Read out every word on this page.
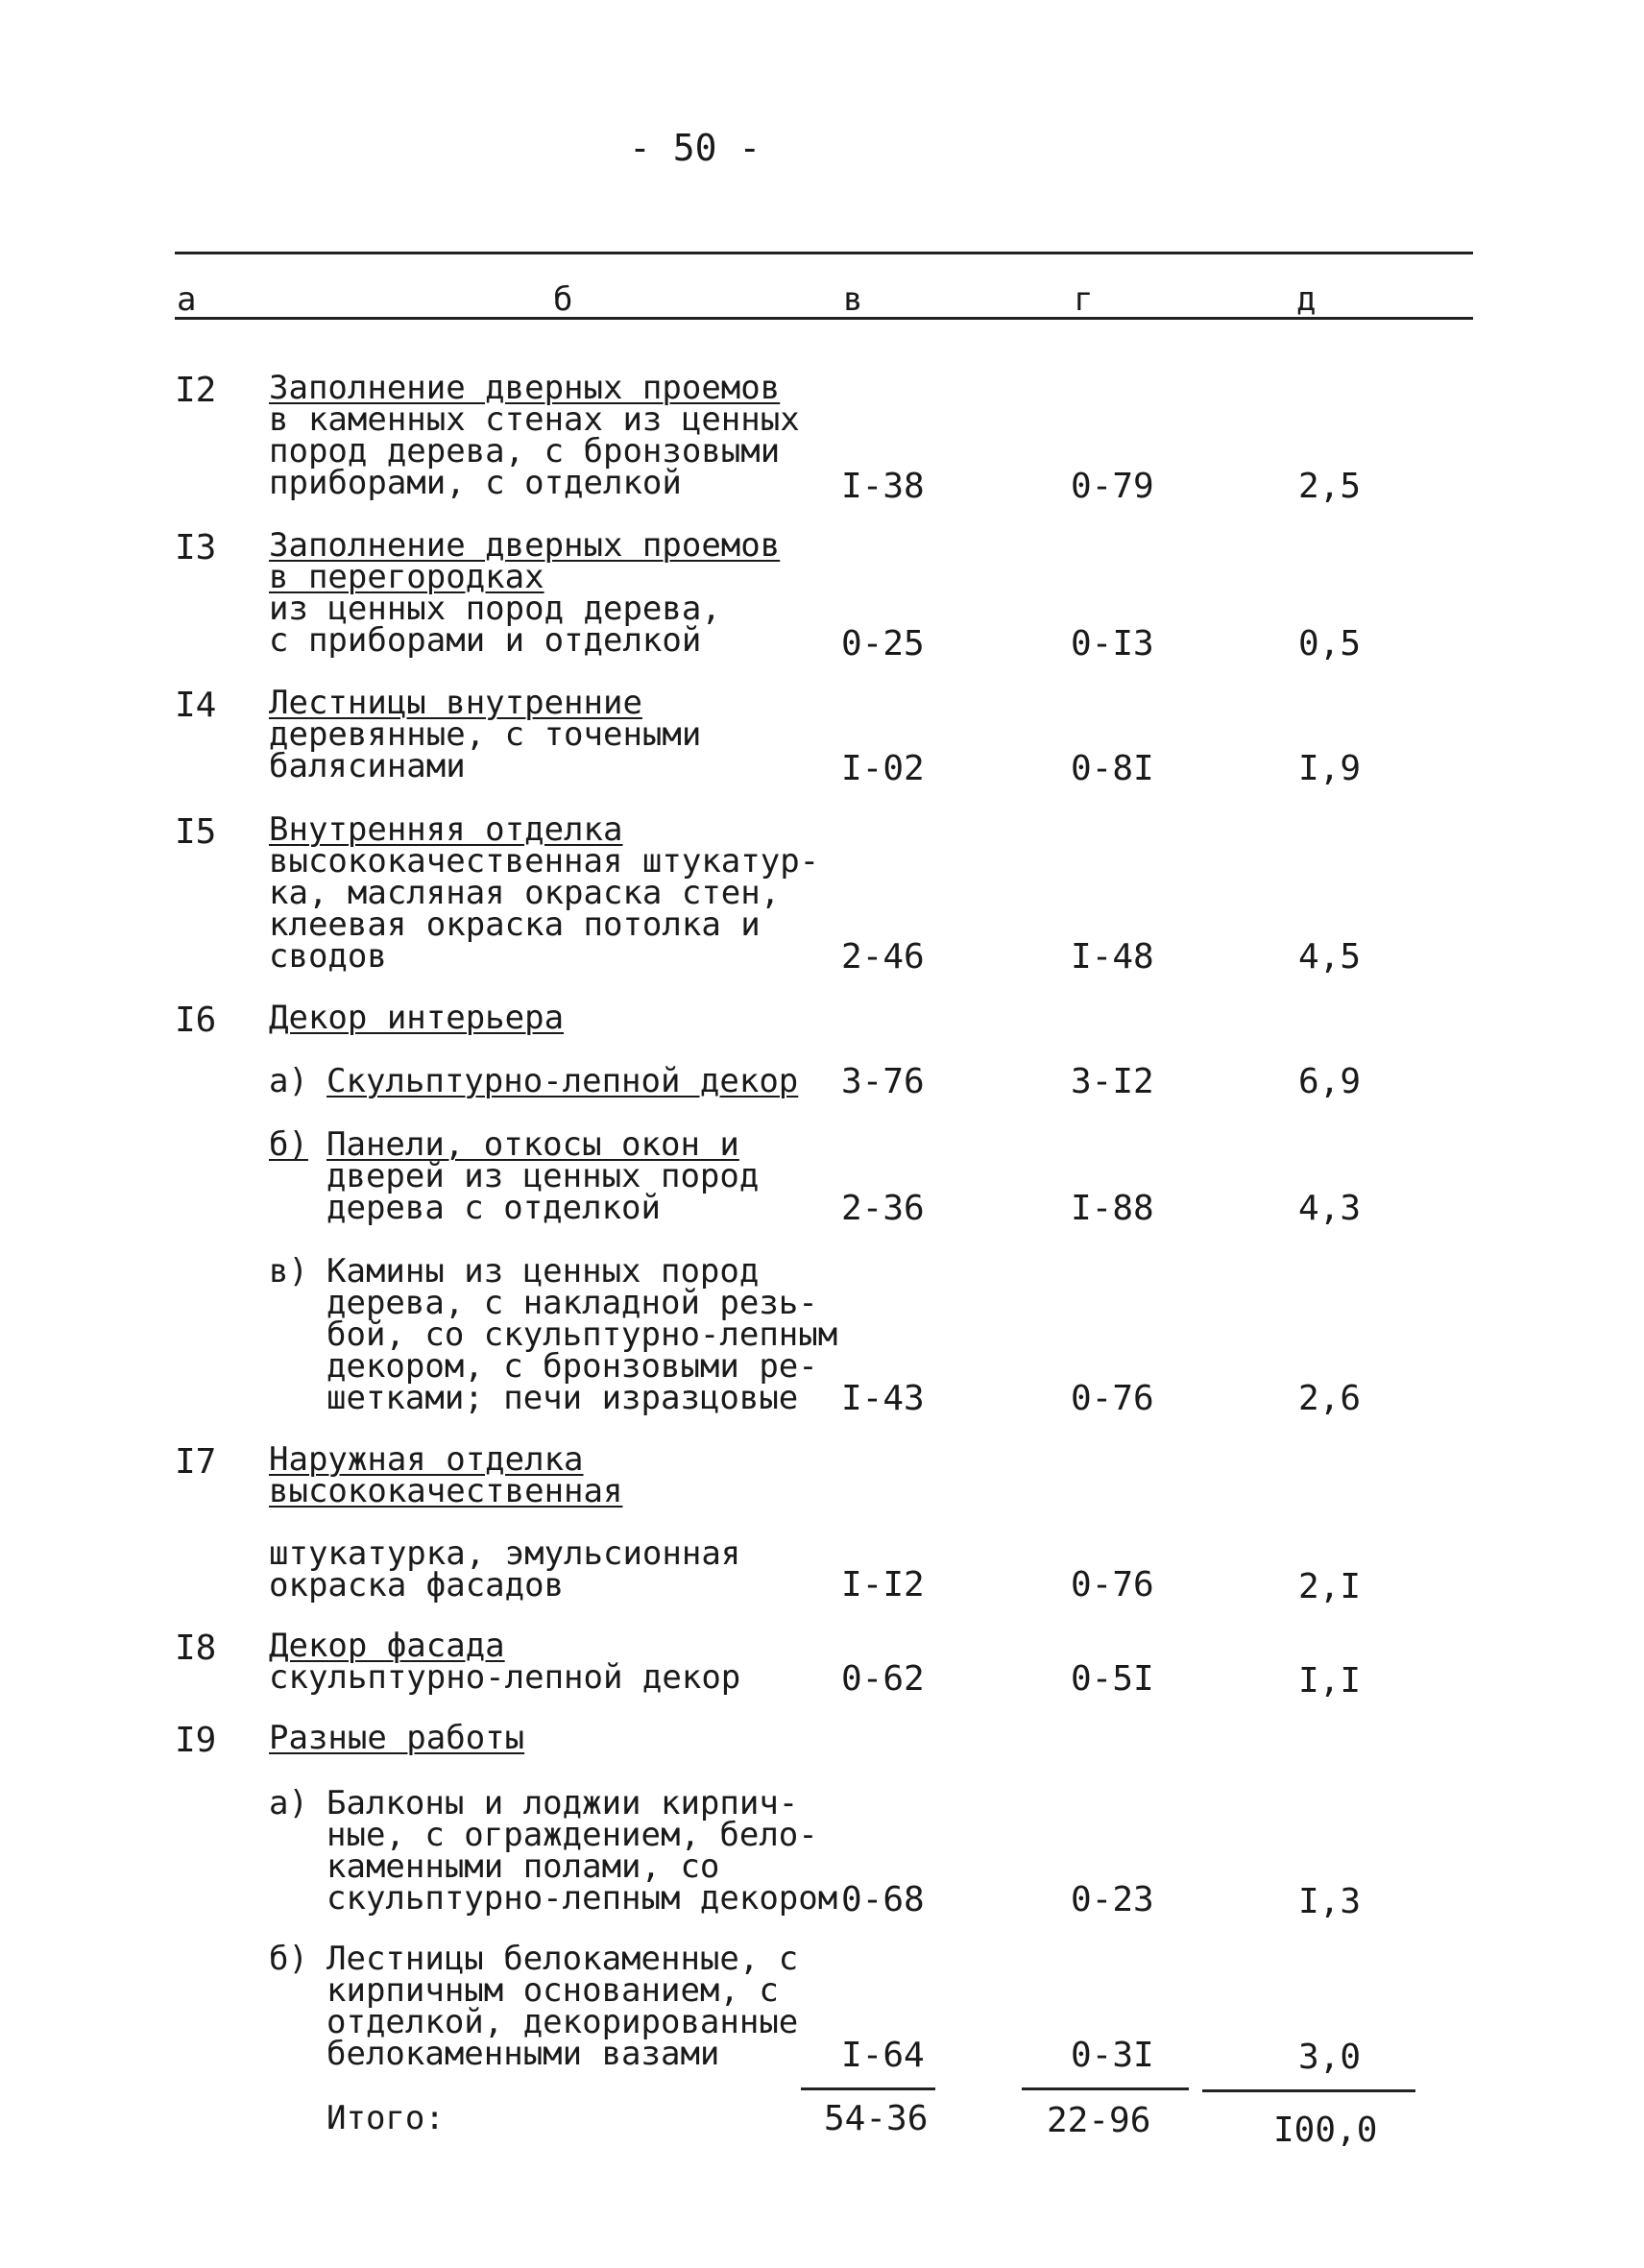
- 50 -
а	б	в	г	д
I2 Заполнение дверных проемов
в каменных стенах из ценных
пород дерева, с бронзовыми
приборами, с отделкой	I-38	0-79	2,5
I3 Заполнение дверных проемов
в перегородках
из ценных пород дерева,
с приборами и отделкой	0-25	0-I3	0,5
I4 Лестницы внутренние
деревянные, с точеными
балясинами	I-02	0-8I	I,9
I5 Внутренняя отделка
высококачественная штукатур-
ка, масляная окраска стен,
клеевая окраска потолка и
сводов	2-46	I-48	4,5
I6 Декор интерьера
а) Скульптурно-лепной декор 3-76	3-I2	6,9
б) Панели, откосы окон и
дверей из ценных пород
дерева с отделкой	2-36	I-88	4,3
в) Камины из ценных пород
дерева, с накладной резь-
бой, со скульптурно-лепным
декором, с бронзовыми ре-
шетками; печи изразцовые I-43	0-76	2,6
I7 Наружная отделка
высококачественная
штукатурка, эмульсионная
окраска фасадов	I-I2	0-76	2,I
I8 Декор фасада
скульптурно-лепной декор	0-62	0-5I	I,I
I9 Разные работы
а) Балконы и лоджии кирпич-
ные, с ограждением, бело-
каменными полами, со
скульптурно-лепным декором 0-68	0-23	I,3
б) Лестницы белокаменные, с
кирпичным основанием, с
отделкой, декорированные
белокаменными вазами	I-64	0-3I	3,0
Итого:	54-36	22-96	I00,0
